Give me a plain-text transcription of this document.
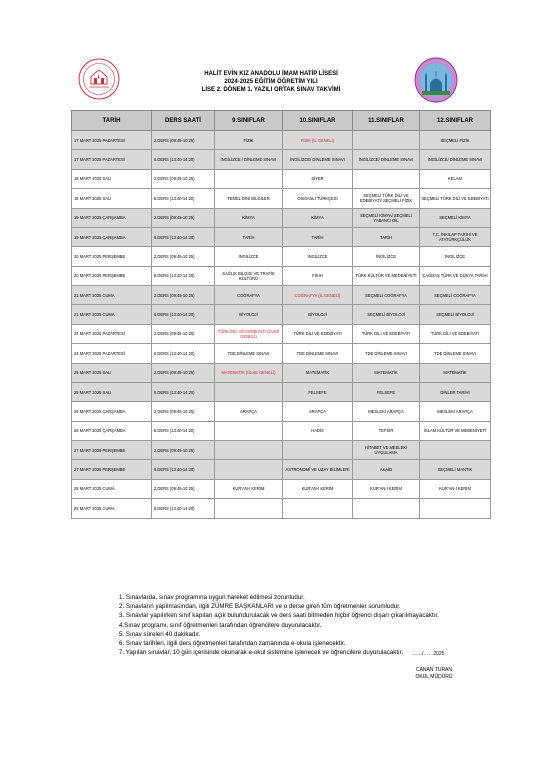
HALİT EVİN KIZ ANADOLU İMAM HATİP LİSESİ
2024-2025 EĞİTİM ÖĞRETİM YILI
LİSE 2. DÖNEM 1. YAZILI ORTAK SINAV TAKVİMİ
TARİH	DERS SAATİ	9.SINIFLAR	10.SINIFLAR	11.SINIFLAR	12.SINIFLAR
17 MART 2025 PAZARTESİ	2.DERS (09:45-10:25)	FİZİK	FİZİK (İL GENELİ)		SEÇMELİ FİZİK
17 MART 2025 PAZARTESİ	6.DERS (13:40-14:20)	İNGİLİZCE / DİNLEME SINAVI	İNGİLİZCE/ DİNLEME SINAVI	İNGİLİZCE/ DİNLEME SINAVI	İNGİLİZCE/ DİNLEME SINAVI
18 MART 2025 SALI	2.DERS (09:45-10:25)		SİYER		KELAM
18 MART 2025 SALI	6.DERS (13:40-14:20)	TEMEL DİNİ BİLGİLER	OSMANLI TÜRKÇESİ	SEÇMELİ TÜRK DİLİ VE EDEBİYATI/ SEÇMELİ FİZİK	SEÇMELİ TÜRK DİLİ VE EDEBİYATI
19 MART 2025 ÇARŞAMBA	2.DERS (09:45-10:25)	KİMYA	KİMYA	SEÇMELİ KİMYA/ SEÇMELİ YABANCI DİL	SEÇMELİ KİMYA
19 MART 2025 ÇARŞAMBA	6.DERS (13:40-14:20)	TARİH	TARİH	TARİH	T.C. İNKILAP TARİHİ VE ATATÜRKÇÜLÜK
20 MART 2025 PERŞEMBE	2.DERS (09:45-10:25)	İNGİLİZCE	İNGİLİZCE	İNGİLİZCE	İNGİLİZCE
20 MART 2025 PERŞEMBE	6.DERS (13:40-14:20)	SAĞLIK BİLGİSİ VE TRAFİK KÜLTÜRÜ	FIKIH	TÜRK KÜLTÜR VE MEDENİYETİ	ÇAĞDAŞ TÜRK VE DÜNYA TARİHİ
21 MART 2025 CUMA	2.DERS (09:45-10:25)	COĞRAFYA	COĞRAFYA (İL GENELİ)	SEÇMELİ COĞRAFYA	SEÇMELİ COĞRAFYA
21 MART 2025 CUMA	6.DERS (13:40-14:20)	BİYOLOJİ	BİYOLOJİ	SEÇMELİ BİYOLOJİ	SEÇMELİ BİYOLOJİ
24 MART 2025 PAZARTESİ	2.DERS (09:45-10:25)	TÜRK DİLİ VE EDEBİYATI (ÜLKE GENELİ)	TÜRK DİLİ VE EDEBİYATI	TÜRK DİLİ VE EDEBİYATI	TÜRK DİLİ VE EDEBİYATI
24 MART 2025 PAZARTESİ	6.DERS (13:40-14:20)	TDE DİNLEME SINAVI	TDE DİNLEME SINAVI	TDE DİNLEME SINAVI	TDE DİNLEME SINAVI
25 MART 2025 SALI	2.DERS (09:45-10:25)	MATEMATİK (ÜLKE GENELİ)	MATEMATİK	MATEMATİK	MATEMATİK
25 MART 2025 SALI	6.DERS (13:40-14:20)		FELSEFE	FELSEFE	DİNLER TARİHİ
26 MART 2025 ÇARŞAMBA	2.DERS (09:45-10:25)	ARAPÇA	ARAPÇA	MESLEKİ ARAPÇA	MESLEKİ ARAPÇA
26 MART 2025 ÇARŞAMBA	6.DERS (13:40-14:20)		HADİS	TEFSİR	İSLAM KÜLTÜR VE MEDENİYETİ
27 MART 2025 PERŞEMBE	2.DERS (09:45-10:25)			HİTABET VE MESLEKİ UYGULAMA	
27 MART 2025 PERŞEMBE	6.DERS (13:40-14:20)		ASTRONOMİ VE UZAY BİLİMLERİ	AKAİD	SEÇMELİ MANTIK
28 MART 2025 CUMA	2.DERS (09:45-10:25)	KUR'AN-I KERİM	KUR'AN-I KERİM	KUR'AN-I KERİM	KUR'AN-I KERİM
28 MART 2025 CUMA	6.DERS (13:40-14:20)				
1. Sınavlarda, sınav programına uygun hareket edilmesi zorunludur.
2. Sınavların yapılmasından, ilgili ZÜMRE BAŞKANLARI ve o derse giren tüm öğretmenler sorumludur.
3. Sınavlar yapılırken sınıf kapıları açık bulundurulacak ve ders saati bitmeden hiçbir öğrenci dışarı çıkarılmayacaktır.
4.Sınav programı, sınıf öğretmenleri tarafından öğrencilere duyurulacaktır.
5. Sınav süreleri 40 dakikadır.
6. Sınav tarihleri, ilgili ders öğretmenleri tarafından zamanında e-okula işlenecektir.
7. Yapılan sınavlar, 10 gün içerisinde okunarak e-okul sistemine işlenecek ve öğrencilere duyurulacaktır.	……/……2025
CANAN TURAN
OKUL MÜDÜRÜ
